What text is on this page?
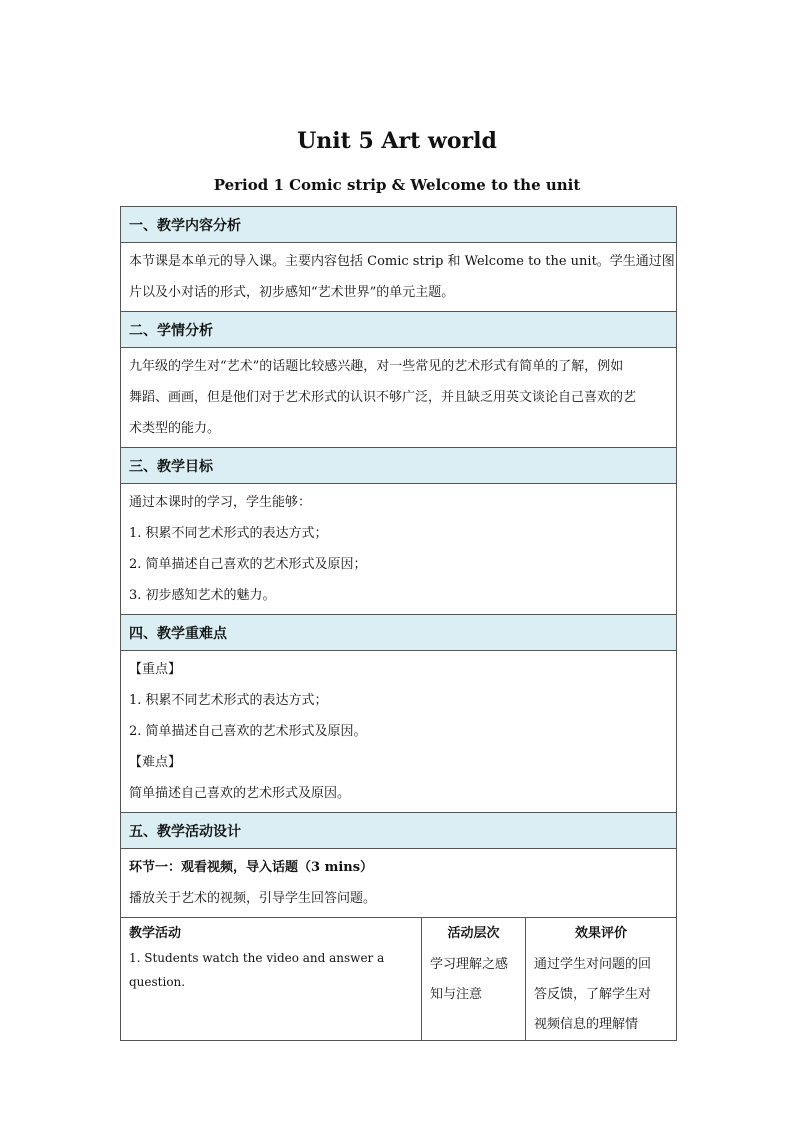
Unit 5 Art world
Period 1 Comic strip & Welcome to the unit
一、教学内容分析
本节课是本单元的导入课。主要内容包括 Comic strip 和 Welcome to the unit。学生通过图
片以及小对话的形式，初步感知“艺术世界”的单元主题。
二、学情分析
九年级的学生对“艺术”的话题比较感兴趣，对一些常见的艺术形式有简单的了解，例如
舞蹈、画画，但是他们对于艺术形式的认识不够广泛，并且缺乏用英文谈论自己喜欢的艺
术类型的能力。
三、教学目标
通过本课时的学习，学生能够：
1. 积累不同艺术形式的表达方式；
2. 简单描述自己喜欢的艺术形式及原因；
3. 初步感知艺术的魅力。
四、教学重难点
【重点】
1. 积累不同艺术形式的表达方式；
2. 简单描述自己喜欢的艺术形式及原因。
【难点】
简单描述自己喜欢的艺术形式及原因。
五、教学活动设计
环节一：观看视频，导入话题（3 mins）
播放关于艺术的视频，引导学生回答问题。
教学活动
1. Students watch the video and answer a question.
活动层次
学习理解之感
知与注意
效果评价
通过学生对问题的回
答反馈，了解学生对
视频信息的理解情
